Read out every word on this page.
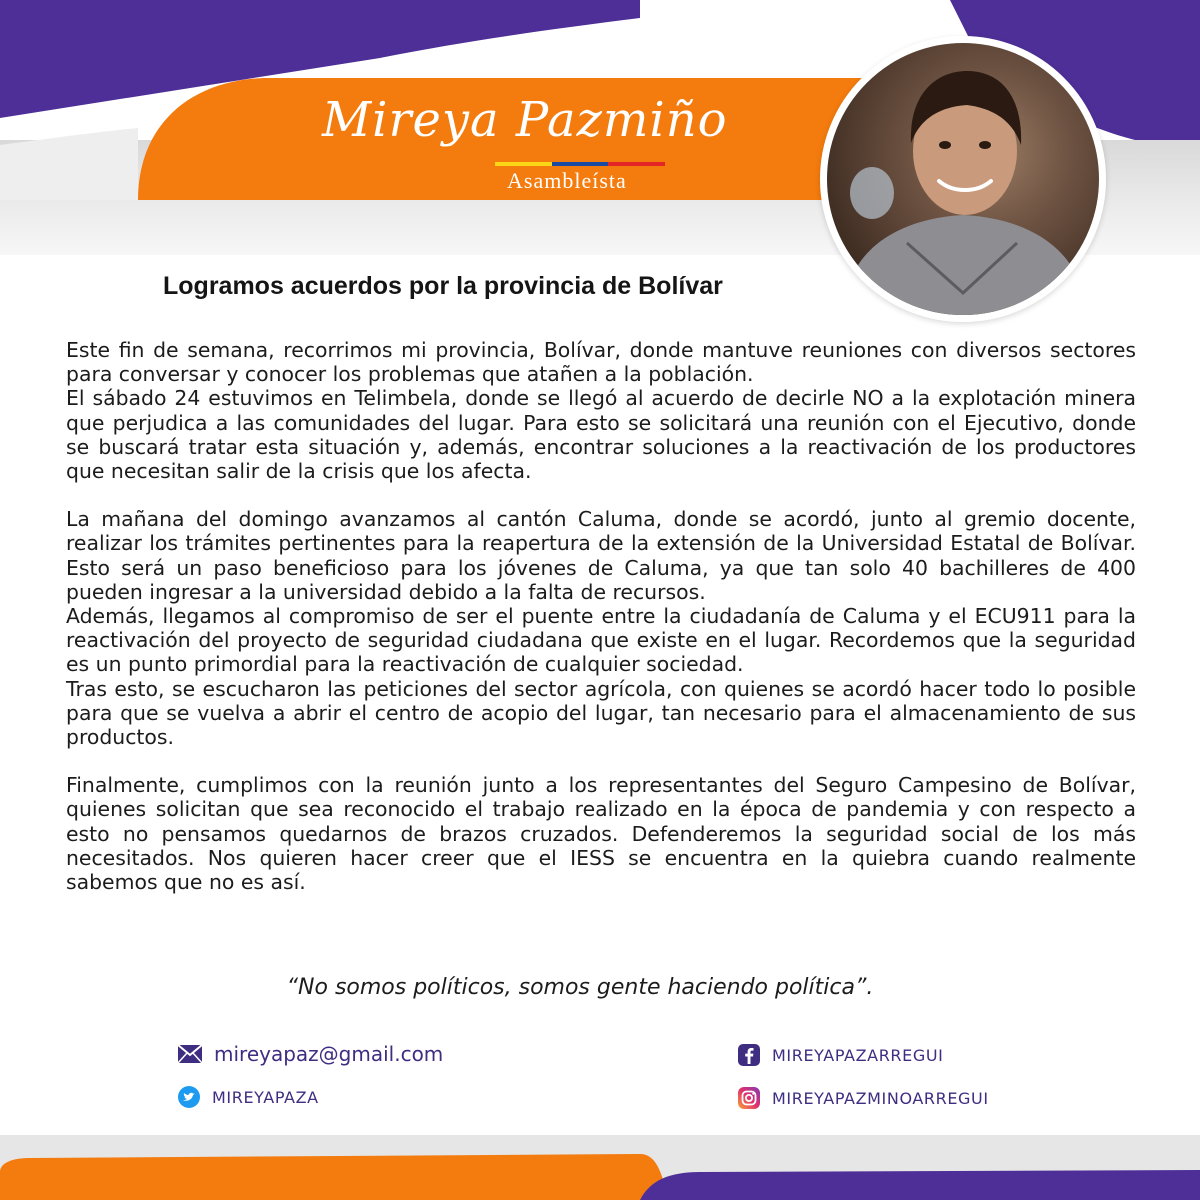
Mireya Pazmiño

Asambleísta

Logramos acuerdos por la provincia de Bolívar

Este fin de semana, recorrimos mi provincia, Bolívar, donde mantuve reuniones con diversos sectores para conversar y conocer los problemas que atañen a la población.

El sábado 24 estuvimos en Telimbela, donde se llegó al acuerdo de decirle NO a la explotación minera que perjudica a las comunidades del lugar. Para esto se solicitará una reunión con el Ejecutivo, donde se buscará tratar esta situación y, además, encontrar soluciones a la reactivación de los productores que necesitan salir de la crisis que los afecta.

La mañana del domingo avanzamos al cantón Caluma, donde se acordó, junto al gremio docente, realizar los trámites pertinentes para la reapertura de la extensión de la Universidad Estatal de Bolívar. Esto será un paso beneficioso para los jóvenes de Caluma, ya que tan solo 40 bachilleres de 400 pueden ingresar a la universidad debido a la falta de recursos.

Además, llegamos al compromiso de ser el puente entre la ciudadanía de Caluma y el ECU911 para la reactivación del proyecto de seguridad ciudadana que existe en el lugar. Recordemos que la seguridad es un punto primordial para la reactivación de cualquier sociedad.

Tras esto, se escucharon las peticiones del sector agrícola, con quienes se acordó hacer todo lo posible para que se vuelva a abrir el centro de acopio del lugar, tan necesario para el almacenamiento de sus productos.

Finalmente, cumplimos con la reunión junto a los representantes del Seguro Campesino de Bolívar, quienes solicitan que sea reconocido el trabajo realizado en la época de pandemia y con respecto a esto no pensamos quedarnos de brazos cruzados. Defenderemos la seguridad social de los más necesitados. Nos quieren hacer creer que el IESS se encuentra en la quiebra cuando realmente sabemos que no es así.

“No somos políticos, somos gente haciendo política”.

mireyapaz@gmail.com
MIREYAPAZA
MIREYAPAZARREGUI
MIREYAPAZMINOARREGUI
